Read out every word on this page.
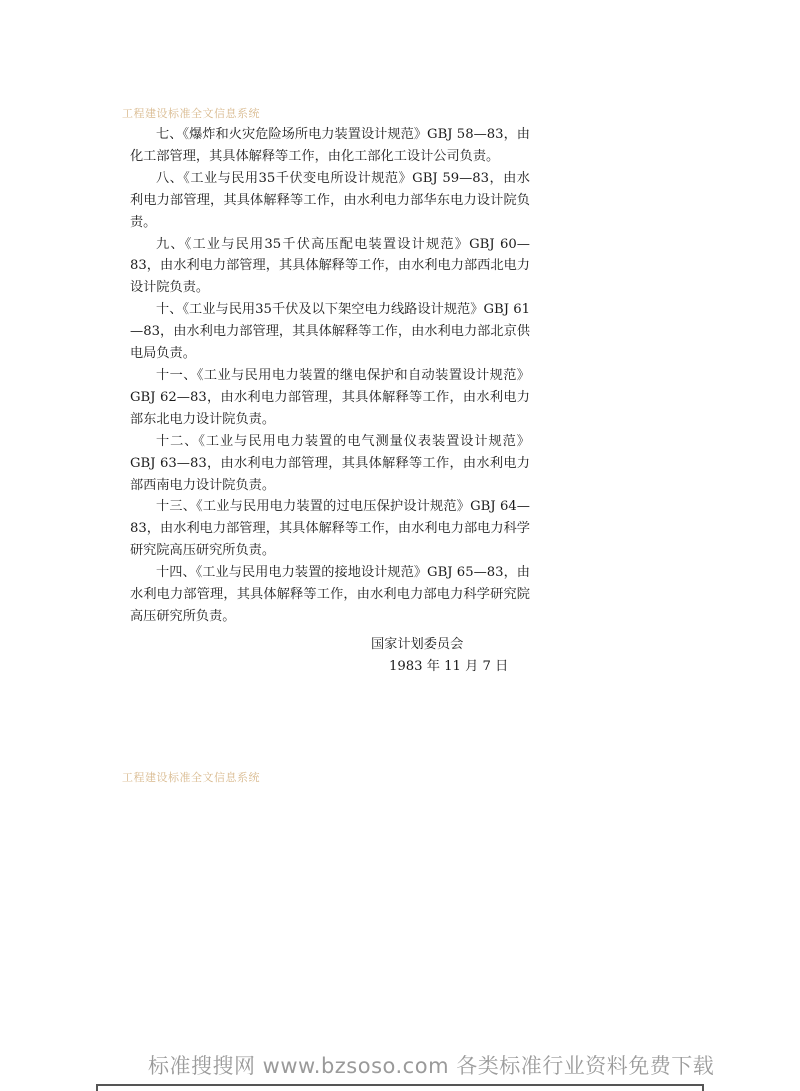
工程建设标准全文信息系统

七、《爆炸和火灾危险场所电力装置设计规范》GBJ 58—83，由化工部管理，其具体解释等工作，由化工部化工设计公司负责。

八、《工业与民用35千伏变电所设计规范》GBJ 59—83，由水利电力部管理，其具体解释等工作，由水利电力部华东电力设计院负责。

九、《工业与民用35千伏高压配电装置设计规范》GBJ 60—83，由水利电力部管理，其具体解释等工作，由水利电力部西北电力设计院负责。

十、《工业与民用35千伏及以下架空电力线路设计规范》GBJ 61—83，由水利电力部管理，其具体解释等工作，由水利电力部北京供电局负责。

十一、《工业与民用电力装置的继电保护和自动装置设计规范》GBJ 62—83，由水利电力部管理，其具体解释等工作，由水利电力部东北电力设计院负责。

十二、《工业与民用电力装置的电气测量仪表装置设计规范》GBJ 63—83，由水利电力部管理，其具体解释等工作，由水利电力部西南电力设计院负责。

十三、《工业与民用电力装置的过电压保护设计规范》GBJ 64—83，由水利电力部管理，其具体解释等工作，由水利电力部电力科学研究院高压研究所负责。

十四、《工业与民用电力装置的接地设计规范》GBJ 65—83，由水利电力部管理，其具体解释等工作，由水利电力部电力科学研究院高压研究所负责。

国家计划委员会
1983 年 11 月 7 日
工程建设标准全文信息系统
标准搜搜网 www.bzsoso.com 各类标准行业资料免费下载
